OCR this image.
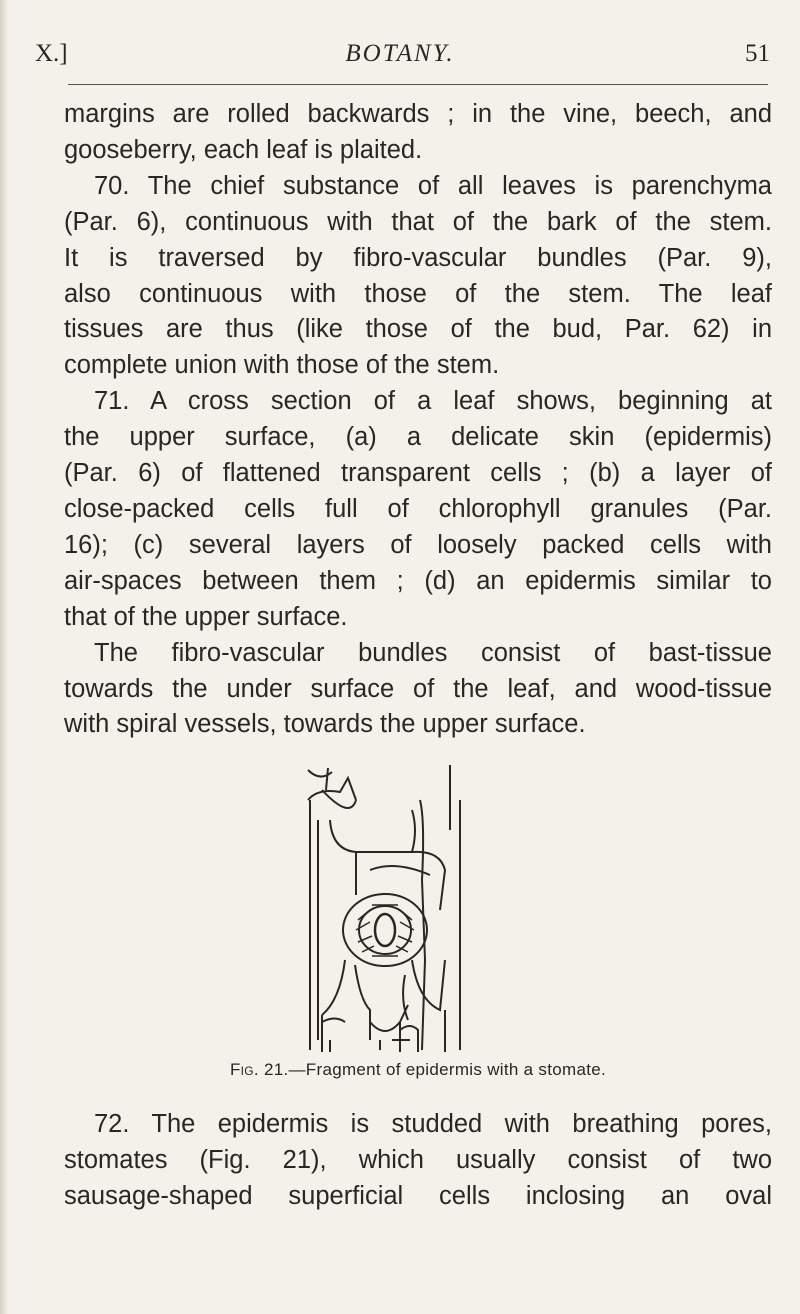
X.]	BOTANY.	51

margins are rolled backwards ; in the vine, beech, and
gooseberry, each leaf is plaited.

70. The chief substance of all leaves is parenchyma
(Par. 6), continuous with that of the bark of the stem.
It is traversed by fibro-vascular bundles (Par. 9),
also continuous with those of the stem. The leaf
tissues are thus (like those of the bud, Par. 62) in
complete union with those of the stem.

71. A cross section of a leaf shows, beginning at
the upper surface, (a) a delicate skin (epidermis)
(Par. 6) of flattened transparent cells ; (b) a layer of
close-packed cells full of chlorophyll granules (Par.
16); (c) several layers of loosely packed cells with
air-spaces between them ; (d) an epidermis similar to
that of the upper surface.

The fibro-vascular bundles consist of bast-tissue
towards the under surface of the leaf, and wood-tissue
with spiral vessels, towards the upper surface.

Fig. 21.—Fragment of epidermis with a stomate.
72. The epidermis is studded with breathing pores,
stomates (Fig. 21), which usually consist of two
sausage-shaped superficial cells inclosing an oval
